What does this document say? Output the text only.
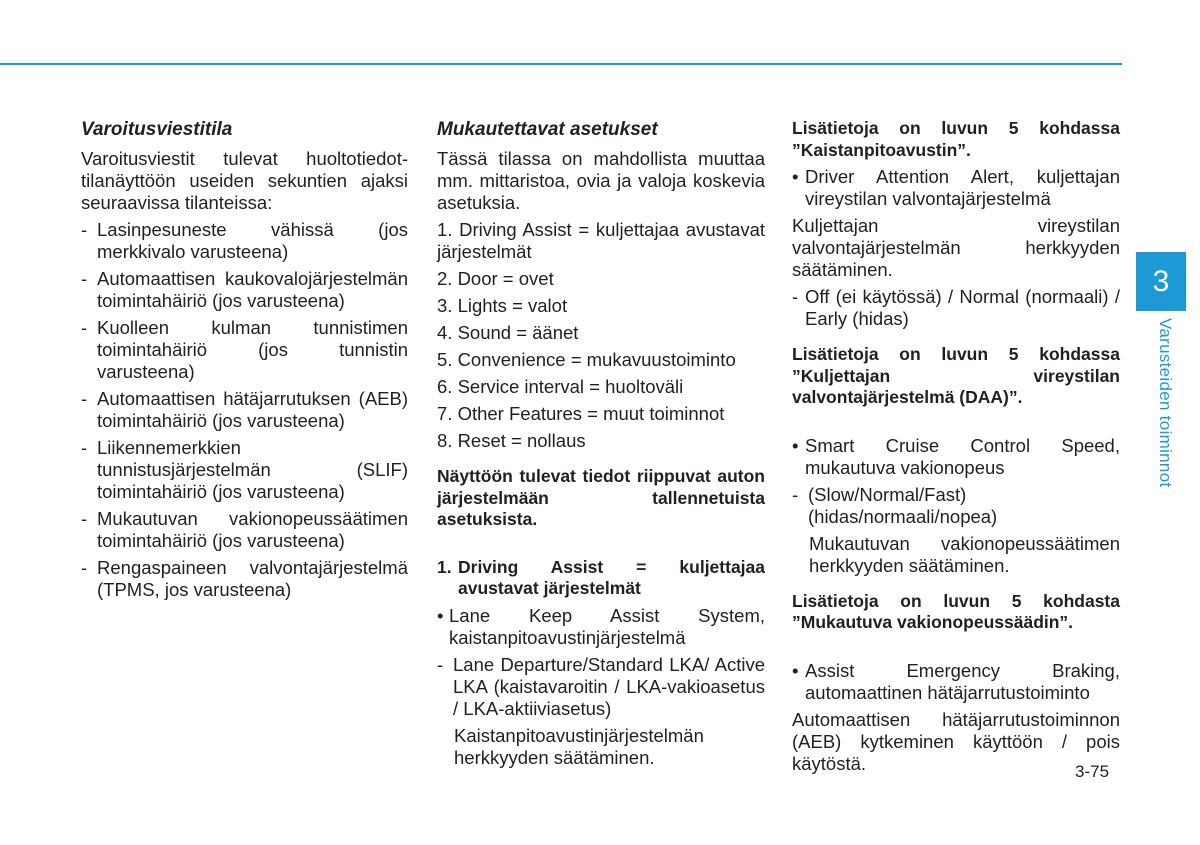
Varoitusviestitila

Varoitusviestit tulevat huoltotiedot-tilanäyttöön useiden sekuntien ajaksi seuraavissa tilanteissa:

- Lasinpesuneste vähissä (jos merkkivalo varusteena)
- Automaattisen kaukovalojärjestelmän toimintahäiriö (jos varusteena)
- Kuolleen kulman tunnistimen toimintahäiriö (jos tunnistin varusteena)
- Automaattisen hätäjarrutuksen (AEB) toimintahäiriö (jos varusteena)
- Liikennemerkkien tunnistusjärjestelmän (SLIF) toimintahäiriö (jos varusteena)
- Mukautuvan vakionopeussäätimen toimintahäiriö (jos varusteena)
- Rengaspaineen valvontajärjestelmä (TPMS, jos varusteena)
Mukautettavat asetukset

Tässä tilassa on mahdollista muuttaa mm. mittaristoa, ovia ja valoja koskevia asetuksia.

1. Driving Assist = kuljettajaa avustavat järjestelmät
2. Door = ovet
3. Lights = valot
4. Sound = äänet
5. Convenience = mukavuustoiminto
6. Service interval = huoltoväli
7. Other Features = muut toiminnot
8. Reset = nollaus

Näyttöön tulevat tiedot riippuvat auton järjestelmään tallennetuista asetuksista.

1. Driving Assist = kuljettajaa avustavat järjestelmät
• Lane Keep Assist System, kaistanpitoavustinjärjestelmä
- Lane Departure/Standard LKA/ Active LKA (kaistavaroitin / LKA-vakioasetus / LKA-aktiiviasetus)

Kaistanpitoavustinjärjestelmän herkkyyden säätäminen.

Lisätietoja on luvun 5 kohdassa ”Kaistanpitoavustin”.

• Driver Attention Alert, kuljettajan vireystilan valvontajärjestelmä

Kuljettajan vireystilan valvontajärjestelmän herkkyyden säätäminen.

- Off (ei käytössä) / Normal (normaali) / Early (hidas)

Lisätietoja on luvun 5 kohdassa ”Kuljettajan vireystilan valvontajärjestelmä (DAA)”.

• Smart Cruise Control Speed, mukautuva vakionopeus
- (Slow/Normal/Fast) (hidas/normaali/nopea)

Mukautuvan vakionopeussäätimen herkkyyden säätäminen.

Lisätietoja on luvun 5 kohdasta ”Mukautuva vakionopeussäädin”.

• Assist Emergency Braking, automaattinen hätäjarrutustoiminto

Automaattisen hätäjarrutustoiminnon (AEB) kytkeminen käyttöön / pois käytöstä.

3
Varusteiden toiminnot
3-75
